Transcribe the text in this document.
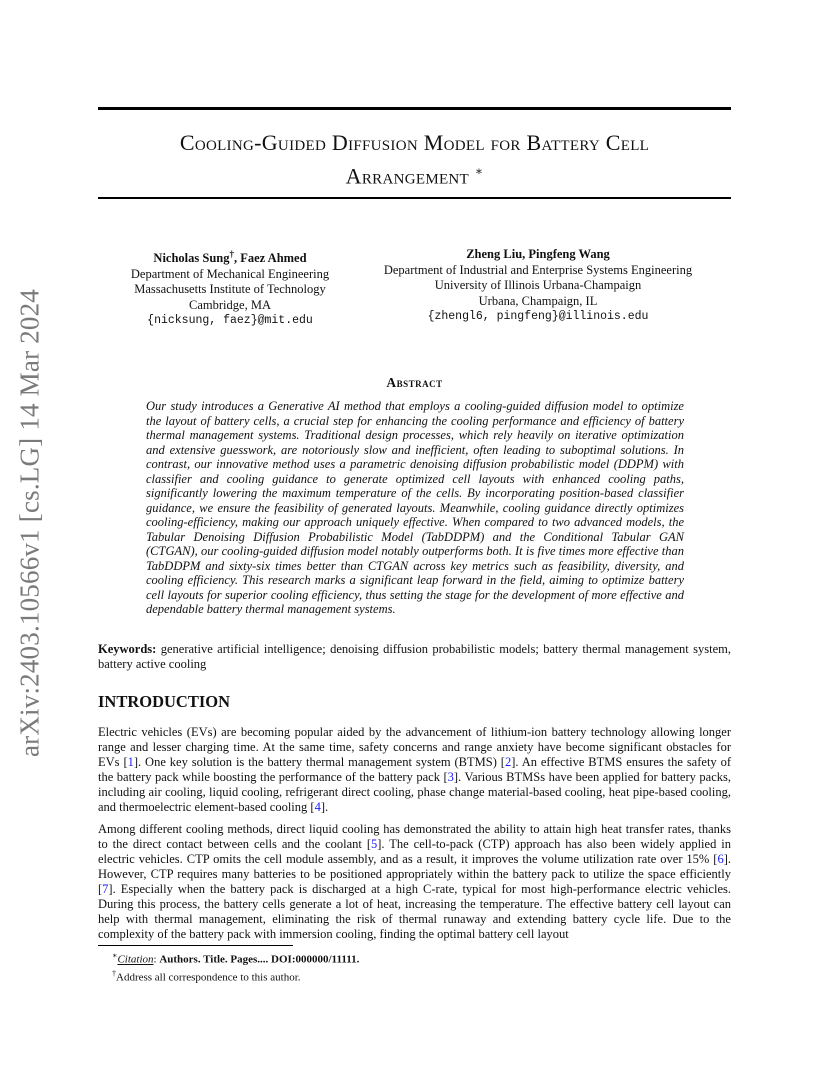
arXiv:2403.10566v1 [cs.LG] 14 Mar 2024
Cooling-Guided Diffusion Model for Battery Cell
Arrangement ∗
Nicholas Sung†, Faez Ahmed
Department of Mechanical Engineering
Massachusetts Institute of Technology
Cambridge, MA
{nicksung, faez}@mit.edu
Zheng Liu, Pingfeng Wang
Department of Industrial and Enterprise Systems Engineering
University of Illinois Urbana-Champaign
Urbana, Champaign, IL
{zhengl6, pingfeng}@illinois.edu
Abstract
Our study introduces a Generative AI method that employs a cooling-guided diffusion model to optimize the layout of battery cells, a crucial step for enhancing the cooling performance and efficiency of battery thermal management systems. Traditional design processes, which rely heavily on iterative optimization and extensive guesswork, are notoriously slow and inefficient, often leading to suboptimal solutions. In contrast, our innovative method uses a parametric denoising diffusion probabilistic model (DDPM) with classifier and cooling guidance to generate optimized cell layouts with enhanced cooling paths, significantly lowering the maximum temperature of the cells. By incorporating position-based classifier guidance, we ensure the feasibility of generated layouts. Meanwhile, cooling guidance directly optimizes cooling-efficiency, making our approach uniquely effective. When compared to two advanced models, the Tabular Denoising Diffusion Probabilistic Model (TabDDPM) and the Conditional Tabular GAN (CTGAN), our cooling-guided diffusion model notably outperforms both. It is five times more effective than TabDDPM and sixty-six times better than CTGAN across key metrics such as feasibility, diversity, and cooling efficiency. This research marks a significant leap forward in the field, aiming to optimize battery cell layouts for superior cooling efficiency, thus setting the stage for the development of more effective and dependable battery thermal management systems.
Keywords: generative artificial intelligence; denoising diffusion probabilistic models; battery thermal management system, battery active cooling
INTRODUCTION
Electric vehicles (EVs) are becoming popular aided by the advancement of lithium-ion battery technology allowing longer range and lesser charging time. At the same time, safety concerns and range anxiety have become significant obstacles for EVs [1]. One key solution is the battery thermal management system (BTMS) [2]. An effective BTMS ensures the safety of the battery pack while boosting the performance of the battery pack [3]. Various BTMSs have been applied for battery packs, including air cooling, liquid cooling, refrigerant direct cooling, phase change material-based cooling, heat pipe-based cooling, and thermoelectric element-based cooling [4].
Among different cooling methods, direct liquid cooling has demonstrated the ability to attain high heat transfer rates, thanks to the direct contact between cells and the coolant [5]. The cell-to-pack (CTP) approach has also been widely applied in electric vehicles. CTP omits the cell module assembly, and as a result, it improves the volume utilization rate over 15% [6]. However, CTP requires many batteries to be positioned appropriately within the battery pack to utilize the space efficiently [7]. Especially when the battery pack is discharged at a high C-rate, typical for most high-performance electric vehicles. During this process, the battery cells generate a lot of heat, increasing the temperature. The effective battery cell layout can help with thermal management, eliminating the risk of thermal runaway and extending battery cycle life. Due to the complexity of the battery pack with immersion cooling, finding the optimal battery cell layout
∗Citation: Authors. Title. Pages.... DOI:000000/11111.
†Address all correspondence to this author.
